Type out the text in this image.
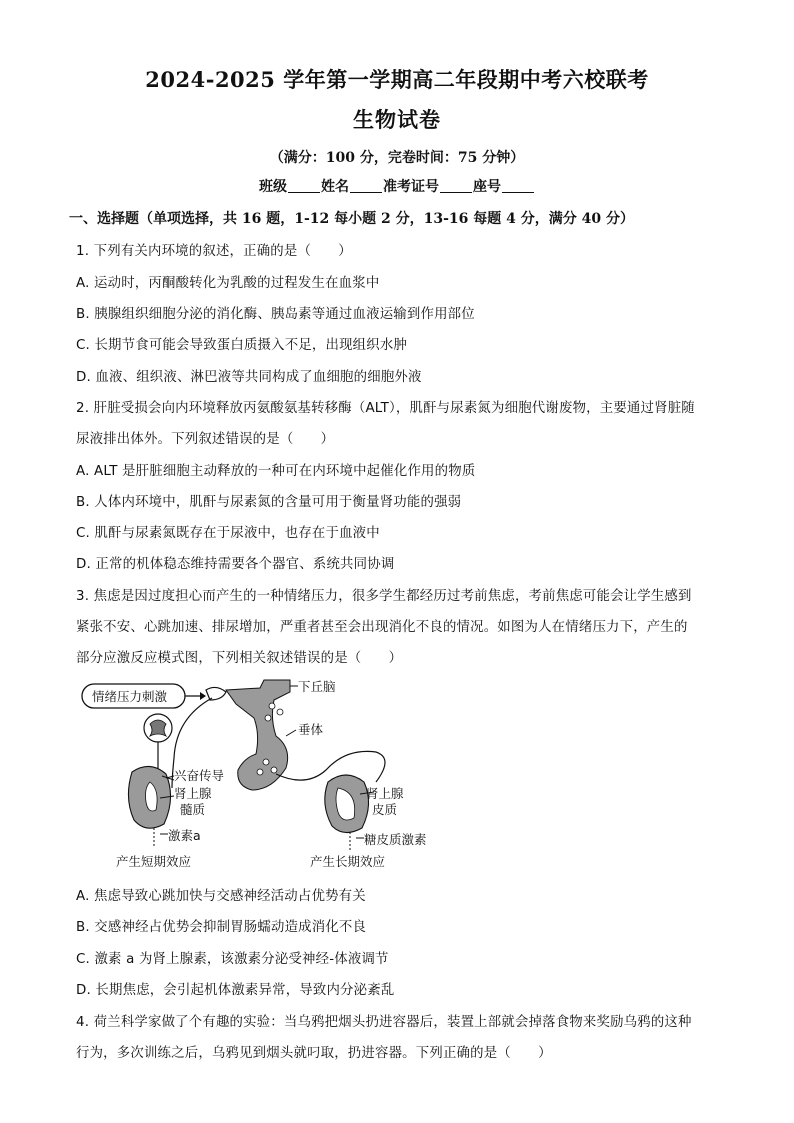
2024-2025 学年第一学期高二年段期中考六校联考
生物试卷
（满分：100 分，完卷时间：75 分钟）
班级 姓名 准考证号 座号
一、选择题（单项选择，共 16 题，1-12 每小题 2 分，13-16 每题 4 分，满分 40 分）
1. 下列有关内环境的叙述，正确的是（　　）
A. 运动时，丙酮酸转化为乳酸的过程发生在血浆中
B. 胰腺组织细胞分泌的消化酶、胰岛素等通过血液运输到作用部位
C. 长期节食可能会导致蛋白质摄入不足，出现组织水肿
D. 血液、组织液、淋巴液等共同构成了血细胞的细胞外液
2. 肝脏受损会向内环境释放丙氨酸氨基转移酶（ALT），肌酐与尿素氮为细胞代谢废物，主要通过肾脏随
尿液排出体外。下列叙述错误的是（　　）
A. ALT 是肝脏细胞主动释放的一种可在内环境中起催化作用的物质
B. 人体内环境中，肌酐与尿素氮的含量可用于衡量肾功能的强弱
C. 肌酐与尿素氮既存在于尿液中，也存在于血液中
D. 正常的机体稳态维持需要各个器官、系统共同协调
3. 焦虑是因过度担心而产生的一种情绪压力，很多学生都经历过考前焦虑，考前焦虑可能会让学生感到
紧张不安、心跳加速、排尿增加，严重者甚至会出现消化不良的情况。如图为人在情绪压力下，产生的
部分应激反应模式图，下列相关叙述错误的是（　　）
情绪压力刺激
下丘脑
垂体
兴奋传导
肾上腺
髓质
激素a
产生短期效应
肾上腺
皮质
糖皮质激素
产生长期效应
A. 焦虑导致心跳加快与交感神经活动占优势有关
B. 交感神经占优势会抑制胃肠蠕动造成消化不良
C. 激素 a 为肾上腺素，该激素分泌受神经-体液调节
D. 长期焦虑，会引起机体激素异常，导致内分泌紊乱
4. 荷兰科学家做了个有趣的实验：当乌鸦把烟头扔进容器后，装置上部就会掉落食物来奖励乌鸦的这种
行为，多次训练之后，乌鸦见到烟头就叼取，扔进容器。下列正确的是（　　）
